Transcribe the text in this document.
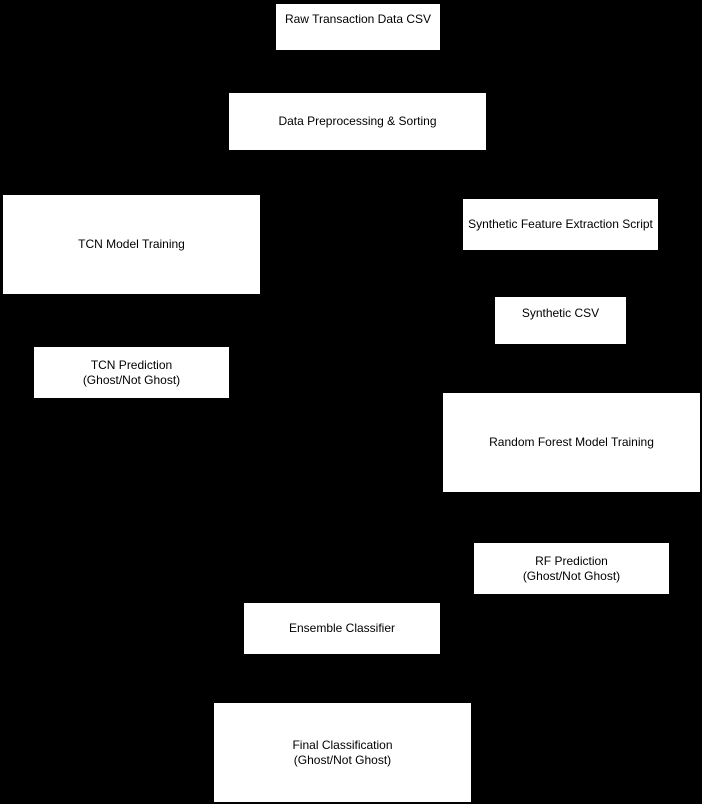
Raw Transaction Data CSV
Data Preprocessing & Sorting
TCN Model Training
Synthetic Feature Extraction Script
Synthetic CSV
TCN Prediction
(Ghost/Not Ghost)
Random Forest Model Training
RF Prediction
(Ghost/Not Ghost)
Ensemble Classifier
Final Classification
(Ghost/Not Ghost)
